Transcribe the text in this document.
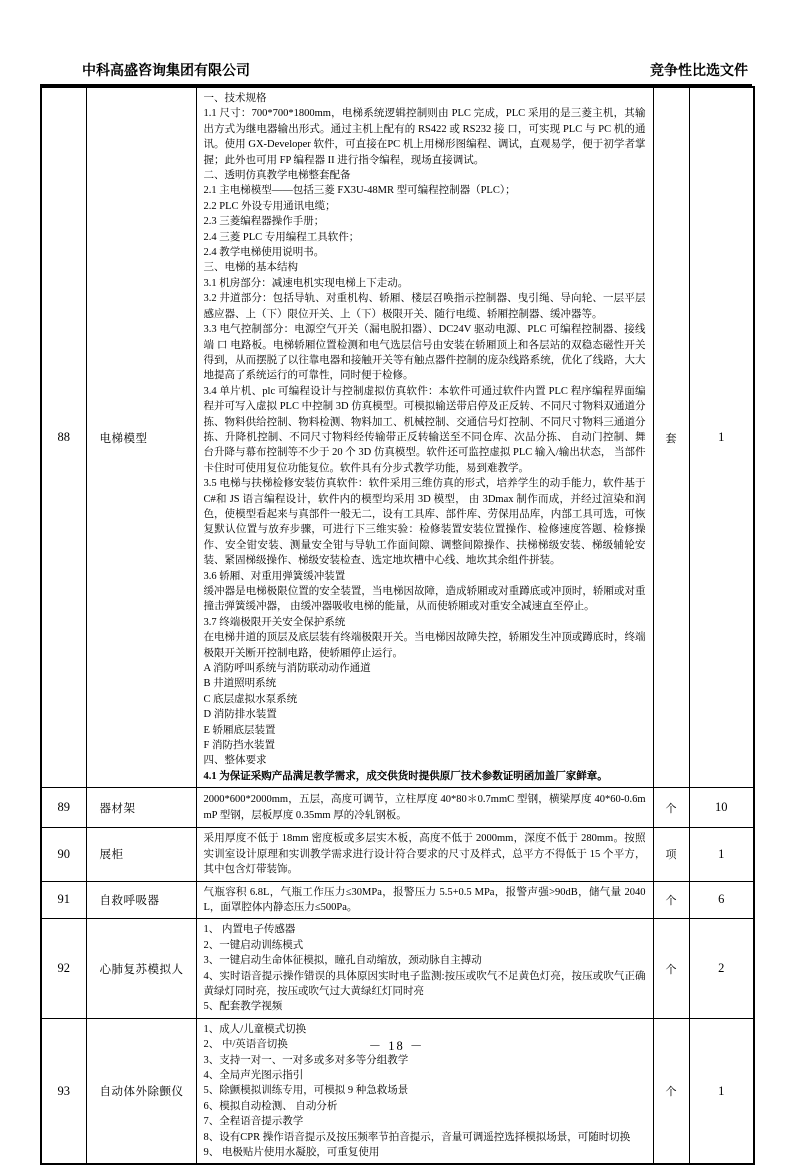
中科高盛咨询集团有限公司	竞争性比选文件
88	电梯模型	

一、技术规格

1.1 尺寸：700*700*1800mm，电梯系统逻辑控制则由 PLC 完成，PLC 采用的是三菱主机，其输出方式为继电器输出形式。通过主机上配有的 RS422 或 RS232 接 口，可实现 PLC 与 PC 机的通讯。使用 GX-Developer 软件，可直接在PC 机上用梯形图编程、调试，直观易学，便于初学者掌握；此外也可用 FP 编程器 II 进行指令编程，现场直接调试。

二、透明仿真教学电梯整套配备

2.1 主电梯模型——包括三菱 FX3U-48MR 型可编程控制器（PLC）；

2.2 PLC 外设专用通讯电缆；

2.3 三菱编程器操作手册；

2.4 三菱 PLC 专用编程工具软件；

2.4 教学电梯使用说明书。

三、电梯的基本结构

3.1 机房部分：减速电机实现电梯上下走动。

3.2 井道部分：包括导轨、对重机构、轿厢、楼层召唤指示控制器、曳引绳、导向轮、一层平层感应器、上（下）限位开关、上（下）极限开关、随行电缆、轿厢控制器、缓冲器等。

3.3 电气控制部分：电源空气开关（漏电脱扣器）、DC24V 驱动电源、PLC 可编程控制器、接线端 口 电路板。电梯轿厢位置检测和电气选层信号由安装在轿厢顶上和各层站的双稳态磁性开关得到，从而摆脱了以往靠电器和接触开关等有触点器件控制的庞杂线路系统，优化了线路，大大地提高了系统运行的可靠性，同时便于检修。

3.4 单片机、plc 可编程设计与控制虚拟仿真软件：本软件可通过软件内置 PLC 程序编程界面编程并可写入虚拟 PLC 中控制 3D 仿真模型。可模拟输送带启停及正反转、不同尺寸物料双通道分拣、物料供给控制、物料检测、物料加工、机械控制、交通信号灯控制、不同尺寸物料三通道分拣、升降机控制、不同尺寸物料经传输带正反转输送至不同仓库、次品分拣、 自动门控制、舞台升降与幕布控制等不少于 20 个 3D 仿真模型。软件还可监控虚拟 PLC 输入/输出状态， 当部件卡住时可使用复位功能复位。软件具有分步式教学功能，易到难教学。

3.5 电梯与扶梯检修安装仿真软件：软件采用三维仿真的形式，培养学生的动手能力，软件基于C#和 JS 语言编程设计，软件内的模型均采用 3D 模型， 由 3Dmax 制作而成，并经过渲染和润色，使模型看起来与真部件一般无二，设有工具库、部件库、劳保用品库，内部工具可选，可恢复默认位置与放弃步骤，可进行下三维实验：检修装置安装位置操作、检修速度答题、检修操作、安全钳安装、测量安全钳与导轨工作面间隙、调整间隙操作、扶梯梯级安装、梯级辅轮安装、紧固梯级操作、梯级安装检查、选定地坎槽中心线、地坎其余组件拼装。

3.6 轿厢、对重用弹簧缓冲装置

缓冲器是电梯极限位置的安全装置，当电梯因故障，造成轿厢或对重蹲底或冲顶时，轿厢或对重撞击弹簧缓冲器， 由缓冲器吸收电梯的能量，从而使轿厢或对重安全减速直至停止。

3.7 终端极限开关安全保护系统

在电梯井道的顶层及底层装有终端极限开关。当电梯因故障失控，轿厢发生冲顶或蹲底时，终端极限开关断开控制电路，使轿厢停止运行。

A 消防呼叫系统与消防联动动作通道

B 井道照明系统

C 底层虚拟水泵系统

D 消防排水装置

E 轿厢底层装置

F 消防挡水装置

四、整体要求

4.1 为保证采购产品满足教学需求，成交供货时提供原厂技术参数证明函加盖厂家鲜章。

	套	1
89	器材架	2000*600*2000mm，五层，高度可调节，立柱厚度 40*80＊0.7mmC 型钢，横梁厚度 40*60-0.6mmP 型钢，层板厚度 0.35mm 厚的冷轧钢板。	个	10
90	展柜	采用厚度不低于 18mm 密度板或多层实木板，高度不低于 2000mm，深度不低于 280mm。按照实训室设计原理和实训教学需求进行设计符合要求的尺寸及样式，总平方不得低于 15 个平方，其中包含灯带装饰。	项	1
91	自救呼吸器	气瓶容积 6.8L，气瓶工作压力≤30MPa，报警压力 5.5+0.5 MPa，报警声强>90dB，储气量 2040L，面罩腔体内静态压力≤500Pa。	个	6
92	心肺复苏模拟人	1、 内置电子传感器

2、一键启动训练模式

3、一键启动生命体征模拟，瞳孔自动缩放，颈动脉自主搏动

4、实时语音提示操作错误的具体原因实时电子监测:按压或吹气不足黄色灯亮，按压或吹气正确黄绿灯同时亮，按压或吹气过大黄绿红灯同时亮

5、配套教学视频	个	2
93	自动体外除颤仪	

1、成人/儿童模式切换

2、 中/英语音切换

3、支持一对一、一对多或多对多等分组教学

4、全局声光图示指引

5、除颤模拟训练专用，可模拟 9 种急救场景

6、模拟自动检测、 自动分析

7、全程语音提示教学

8、设有CPR 操作语音提示及按压频率节拍音提示，音量可调遥控选择模拟场景，可随时切换

9、 电极贴片使用水凝胶，可重复使用

	个	1
－ 18 －
